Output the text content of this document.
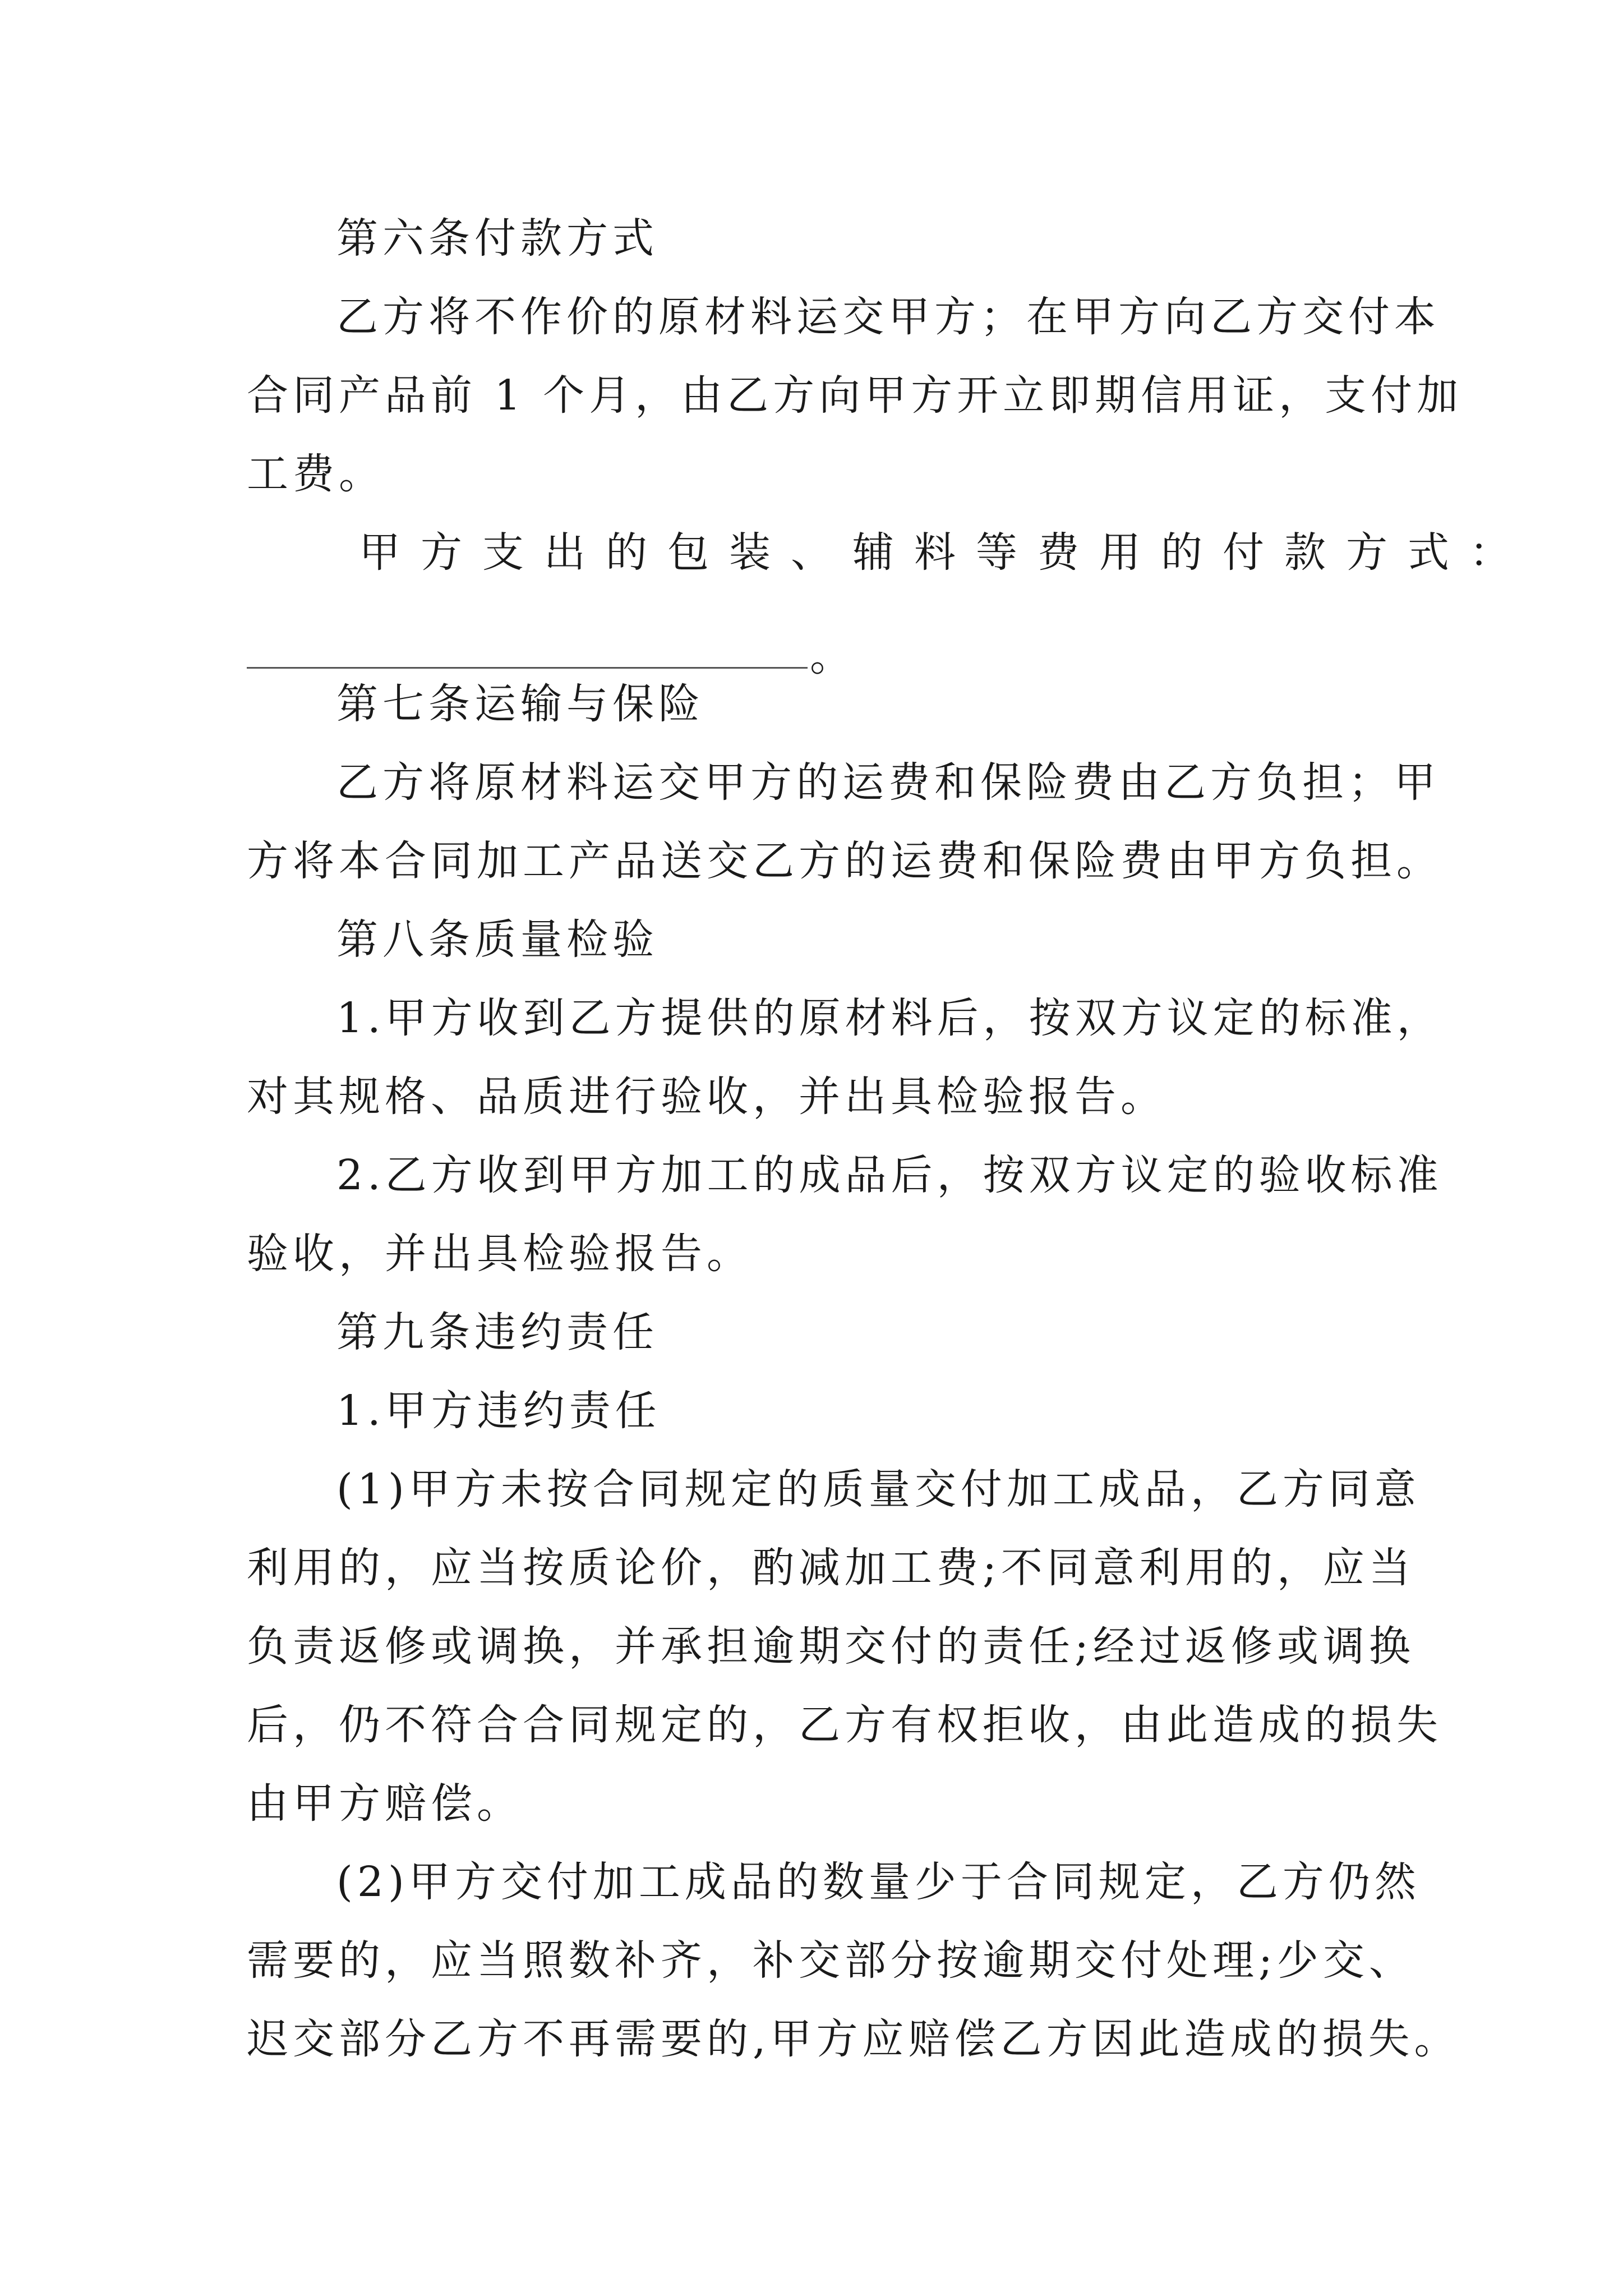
第六条付款方式
乙方将不作价的原材料运交甲方；在甲方向乙方交付本
合同产品前 1 个月，由乙方向甲方开立即期信用证，支付加
工费。
甲方支出的包装、辅料等费用的付款方式：
。
第七条运输与保险
乙方将原材料运交甲方的运费和保险费由乙方负担；甲
方将本合同加工产品送交乙方的运费和保险费由甲方负担。
第八条质量检验
1.甲方收到乙方提供的原材料后，按双方议定的标准，
对其规格、品质进行验收，并出具检验报告。
2.乙方收到甲方加工的成品后，按双方议定的验收标准
验收，并出具检验报告。
第九条违约责任
1.甲方违约责任
(1)甲方未按合同规定的质量交付加工成品，乙方同意
利用的，应当按质论价，酌减加工费;不同意利用的，应当
负责返修或调换，并承担逾期交付的责任;经过返修或调换
后，仍不符合合同规定的，乙方有权拒收，由此造成的损失
由甲方赔偿。
(2)甲方交付加工成品的数量少于合同规定，乙方仍然
需要的，应当照数补齐，补交部分按逾期交付处理;少交、
迟交部分乙方不再需要的,甲方应赔偿乙方因此造成的损失。
